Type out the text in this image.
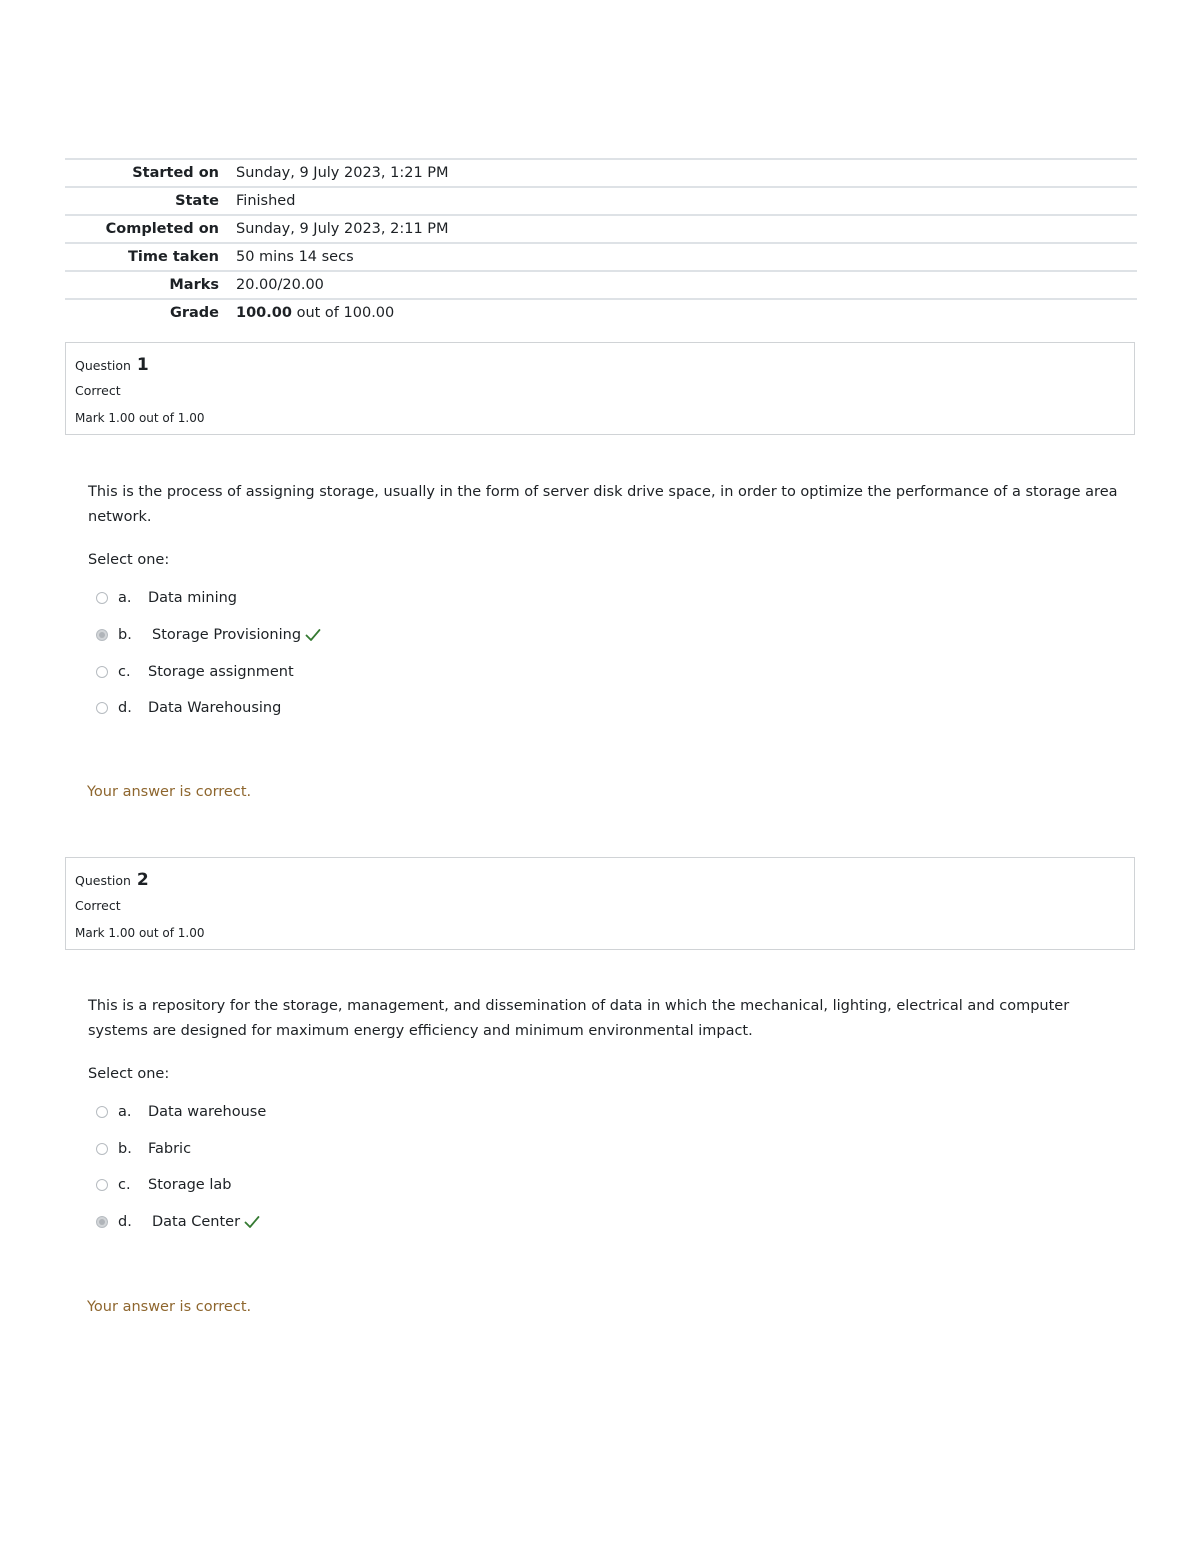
Started on	Sunday, 9 July 2023, 1:21 PM
State	Finished
Completed on	Sunday, 9 July 2023, 2:11 PM
Time taken	50 mins 14 secs
Marks	20.00/20.00
Grade	100.00 out of 100.00
Question 1
Correct
Mark 1.00 out of 1.00
This is the process of assigning storage, usually in the form of server disk drive space, in order to optimize the performance of a storage area network.
Select one:
a.	Data mining
b.	Storage Provisioning
c.	Storage assignment
d.	Data Warehousing
Your answer is correct.
Question 2
Correct
Mark 1.00 out of 1.00
This is a repository for the storage, management, and dissemination of data in which the mechanical, lighting, electrical and computer systems are designed for maximum energy efficiency and minimum environmental impact.
Select one:
a.	Data warehouse
b.	Fabric
c.	Storage lab
d.	Data Center
Your answer is correct.
